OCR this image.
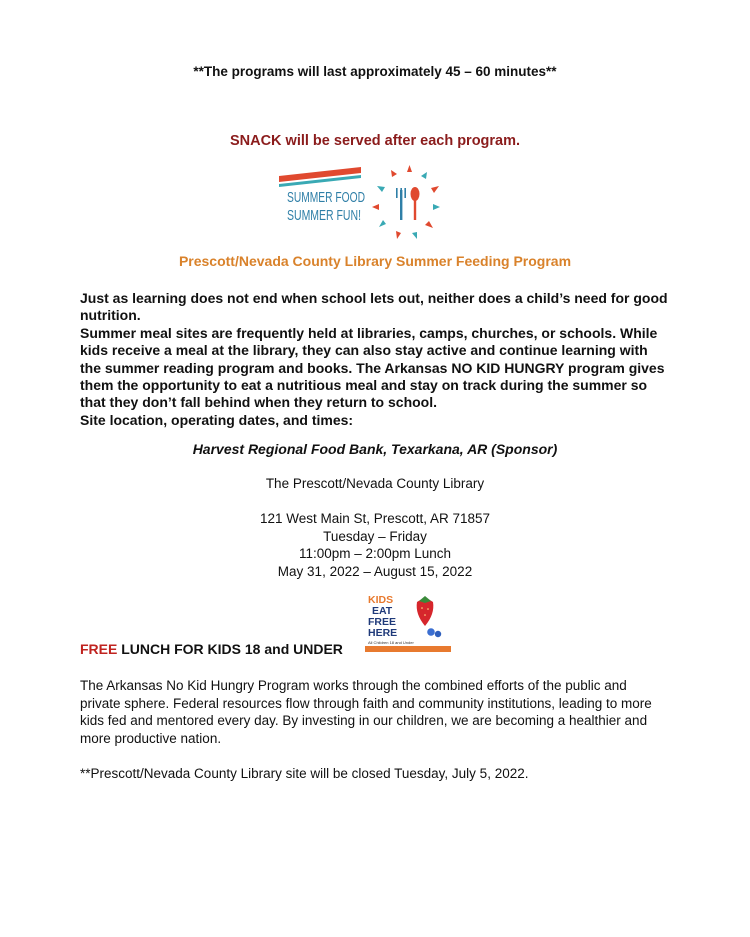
**The programs will last approximately 45 – 60 minutes**
SNACK will be served after each program.
SUMMER FOOD
SUMMER FUN!
Prescott/Nevada County Library Summer Feeding Program

Just as learning does not end when school lets out, neither does a child’s need for good nutrition.

Summer meal sites are frequently held at libraries, camps, churches, or schools. While kids receive a meal at the library, they can also stay active and continue learning with the summer reading program and books. The Arkansas NO KID HUNGRY program gives them the opportunity to eat a nutritious meal and stay on track during the summer so that they don’t fall behind when they return to school.

Site location, operating dates, and times:

Harvest Regional Food Bank, Texarkana, AR (Sponsor)
The Prescott/Nevada County Library
121 West Main St, Prescott, AR 71857
Tuesday – Friday
11:00pm – 2:00pm Lunch
May 31, 2022 – August 15, 2022
KIDS
EAT
FREE
HERE
All Children 18 and Under
FREE LUNCH FOR KIDS 18 and UNDER
The Arkansas No Kid Hungry Program works through the combined efforts of the public and private sphere. Federal resources flow through faith and community institutions, leading to more kids fed and mentored every day. By investing in our children, we are becoming a healthier and more productive nation.
**Prescott/Nevada County Library site will be closed Tuesday, July 5, 2022.
